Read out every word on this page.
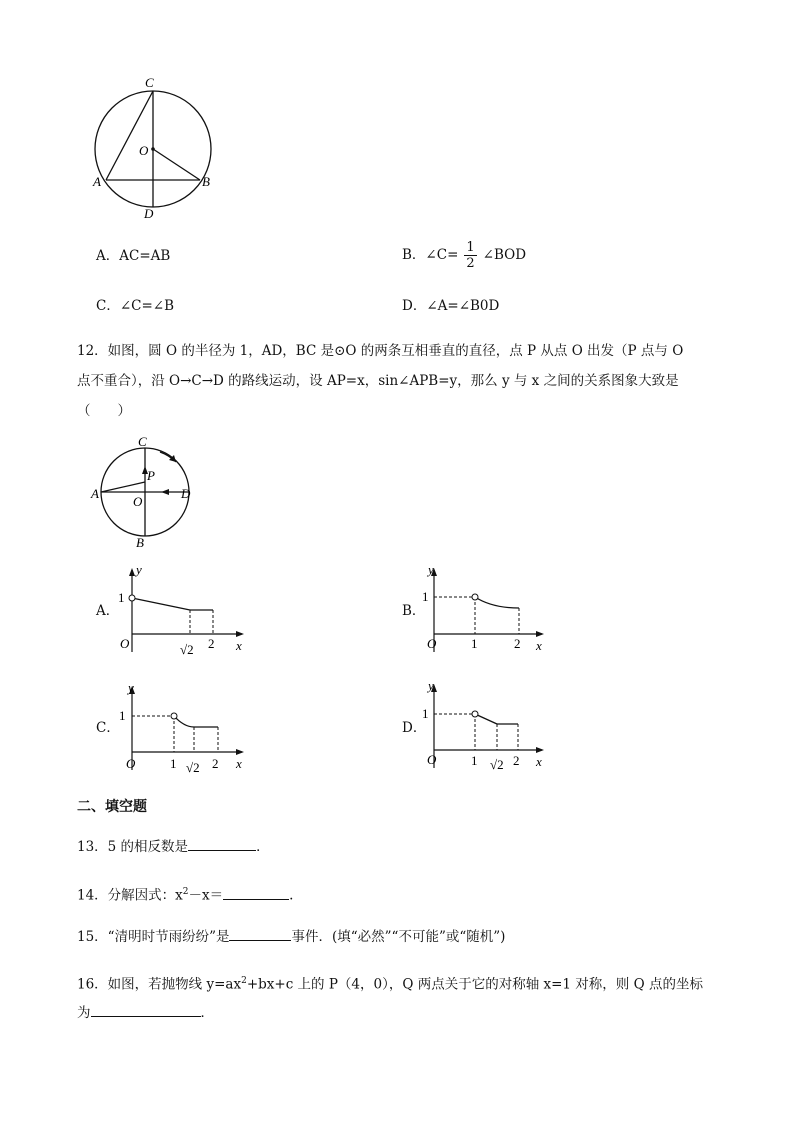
C
O
A	B
D
A．AC=AB	B．∠C= $\frac{1}{2}$ ∠BOD
C．∠C=∠B	D．∠A=∠B0D
12．如图，圆 O 的半径为 1，AD，BC 是⊙O 的两条互相垂直的直径，点 P 从点 O 出发（P 点与 O
点不重合），沿 O→C→D 的路线运动，设 AP=x，sin∠APB=y，那么 y 与 x 之间的关系图象大致是
（　　）
C
P
A
O
D
B
A．
y
x
O
1
√2 2
B．
y
x
O
1
1	2
C．
y
x
O
1
1 √2 2
D．
y
x
O
1
1 √2 2
二、填空题
13．5 的相反数是	．
14．分解因式：$x^2-x=$	.
15．“清明时节雨纷纷”是	事件．(填“必然”“不可能”或“随机”)
16．如图，若抛物线 $y=ax^2+bx+c$ 上的 P（4，0），Q 两点关于它的对称轴 x=1 对称，则 Q 点的坐标
为	．
